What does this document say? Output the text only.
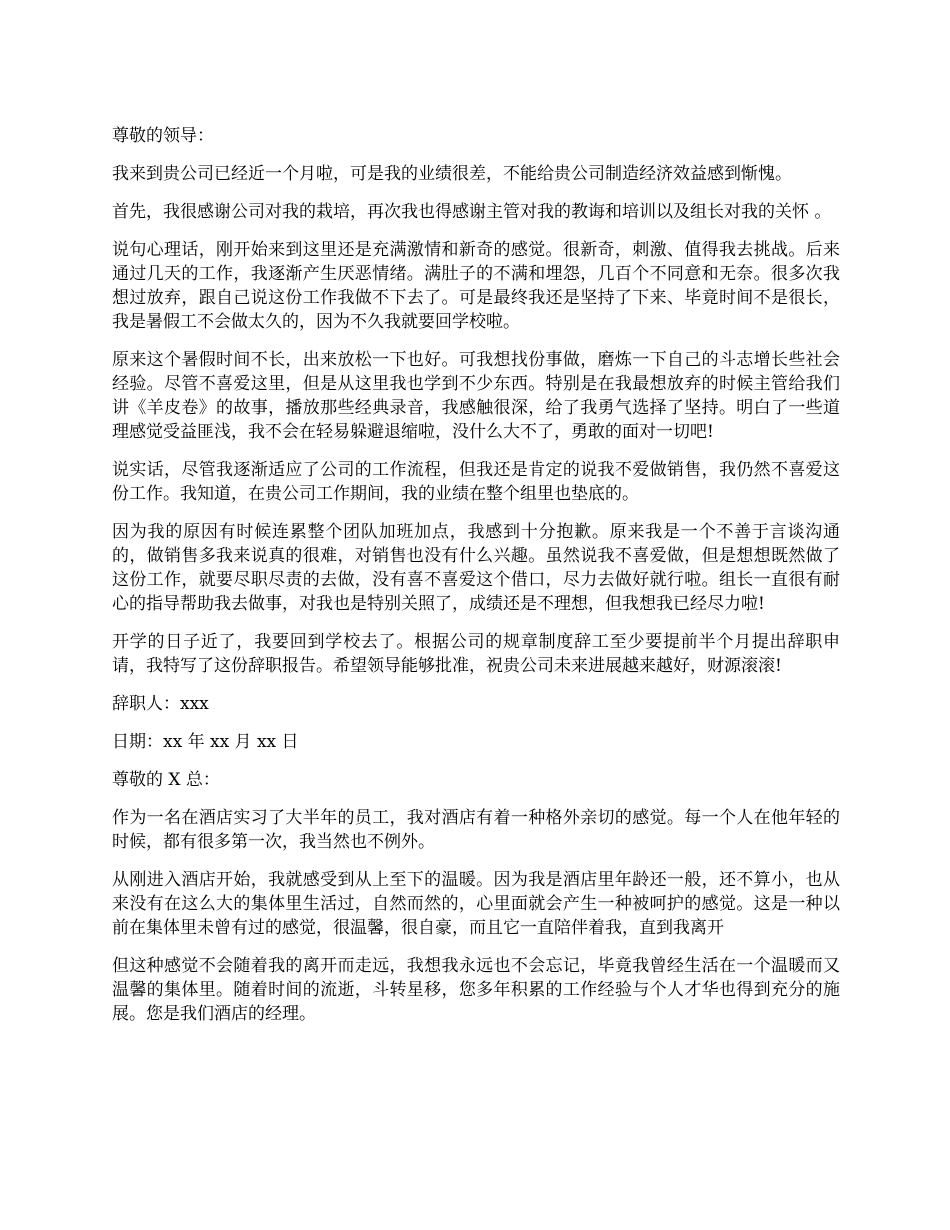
尊敬的领导：

我来到贵公司已经近一个月啦，可是我的业绩很差，不能给贵公司制造经济效益感到惭愧。

首先，我很感谢公司对我的栽培，再次我也得感谢主管对我的教诲和培训以及组长对我的关怀 。

说句心理话，刚开始来到这里还是充满激情和新奇的感觉。很新奇，刺激、值得我去挑战。后来通过几天的工作，我逐渐产生厌恶情绪。满肚子的不满和埋怨，几百个不同意和无奈。很多次我想过放弃，跟自己说这份工作我做不下去了。可是最终我还是坚持了下来、毕竟时间不是很长，我是暑假工不会做太久的，因为不久我就要回学校啦。

原来这个暑假时间不长，出来放松一下也好。可我想找份事做，磨炼一下自己的斗志增长些社会经验。尽管不喜爱这里，但是从这里我也学到不少东西。特别是在我最想放弃的时候主管给我们讲《羊皮卷》的故事，播放那些经典录音，我感触很深，给了我勇气选择了坚持。明白了一些道理感觉受益匪浅，我不会在轻易躲避退缩啦，没什么大不了，勇敢的面对一切吧!

说实话，尽管我逐渐适应了公司的工作流程，但我还是肯定的说我不爱做销售，我仍然不喜爱这份工作。我知道，在贵公司工作期间，我的业绩在整个组里也垫底的。

因为我的原因有时候连累整个团队加班加点，我感到十分抱歉。原来我是一个不善于言谈沟通的，做销售多我来说真的很难，对销售也没有什么兴趣。虽然说我不喜爱做，但是想想既然做了这份工作，就要尽职尽责的去做，没有喜不喜爱这个借口，尽力去做好就行啦。组长一直很有耐心的指导帮助我去做事，对我也是特别关照了，成绩还是不理想，但我想我已经尽力啦!

开学的日子近了，我要回到学校去了。根据公司的规章制度辞工至少要提前半个月提出辞职申请，我特写了这份辞职报告。希望领导能够批准，祝贵公司未来进展越来越好，财源滚滚!

辞职人：xxx

日期：xx 年 xx 月 xx 日

尊敬的 X 总：

作为一名在酒店实习了大半年的员工，我对酒店有着一种格外亲切的感觉。每一个人在他年轻的时候，都有很多第一次，我当然也不例外。

从刚进入酒店开始，我就感受到从上至下的温暖。因为我是酒店里年龄还一般，还不算小，也从来没有在这么大的集体里生活过，自然而然的，心里面就会产生一种被呵护的感觉。这是一种以前在集体里未曾有过的感觉，很温馨，很自豪，而且它一直陪伴着我，直到我离开

但这种感觉不会随着我的离开而走远，我想我永远也不会忘记，毕竟我曾经生活在一个温暖而又温馨的集体里。随着时间的流逝，斗转星移，您多年积累的工作经验与个人才华也得到充分的施展。您是我们酒店的经理。
